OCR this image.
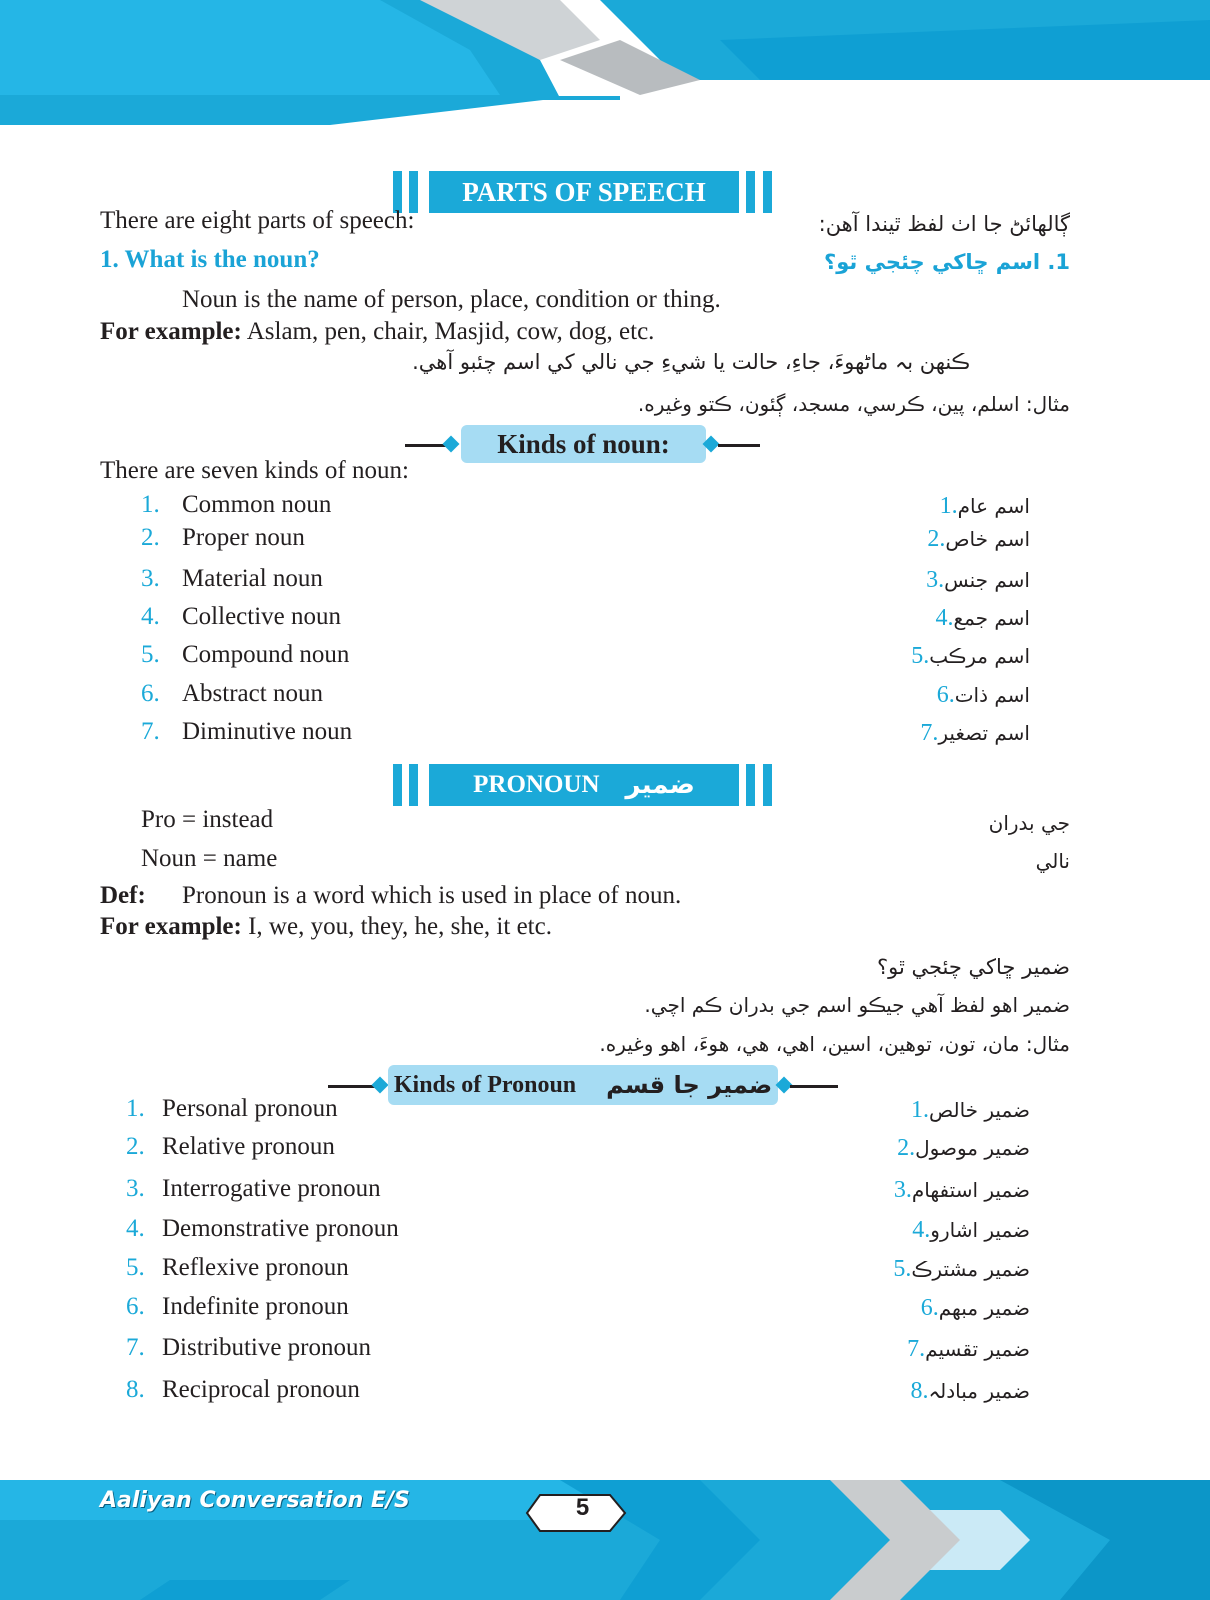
PARTS OF SPEECH
There are eight parts of speech:	ڳالهائڻ جا اٺ لفظ ٿيندا آهن:
1. What is the noun?	1. اسم ڇاکي چئجي ٿو؟
Noun is the name of person, place, condition or thing.
For example: Aslam, pen, chair, Masjid, cow, dog, etc.
ڪنهن بہ ماڻهوءَ، جاءِ، حالت يا شيءِ جي نالي کي اسم چئبو آهي.
مثال: اسلم، پين، ڪرسي، مسجد، ڳئون، ڪتو وغيره.
Kinds of noun:
There are seven kinds of noun:
1. Common noun	اسم عام.1
2. Proper noun	اسم خاص.2
3. Material noun	اسم جنس.3
4. Collective noun	اسم جمع.4
5. Compound noun	اسم مرڪب.5
6. Abstract noun	اسم ذات.6
7. Diminutive noun	اسم تصغير.7
PRONOUN ضمير
Pro = instead	جي بدران
Noun = name	نالي
Def: Pronoun is a word which is used in place of noun.
For example: I, we, you, they, he, she, it etc.
ضمير ڇاکي چئجي ٿو؟
ضمير اهو لفظ آهي جيڪو اسم جي بدران ڪم اچي.
مثال: مان، تون، توهين، اسين، اهي، هي، هوءَ، اهو وغيره.
Kinds of Pronoun ضمير جا قسم
1. Personal pronoun	ضمير خالص.1
2. Relative pronoun	ضمير موصول.2
3. Interrogative pronoun	ضمير استفهام.3
4. Demonstrative pronoun	ضمير اشارو.4
5. Reflexive pronoun	ضمير مشترڪ.5
6. Indefinite pronoun	ضمير مبهم.6
7. Distributive pronoun	ضمير تقسيم.7
8. Reciprocal pronoun	ضمير مبادلہ.8
Aaliyan Conversation E/S	5
